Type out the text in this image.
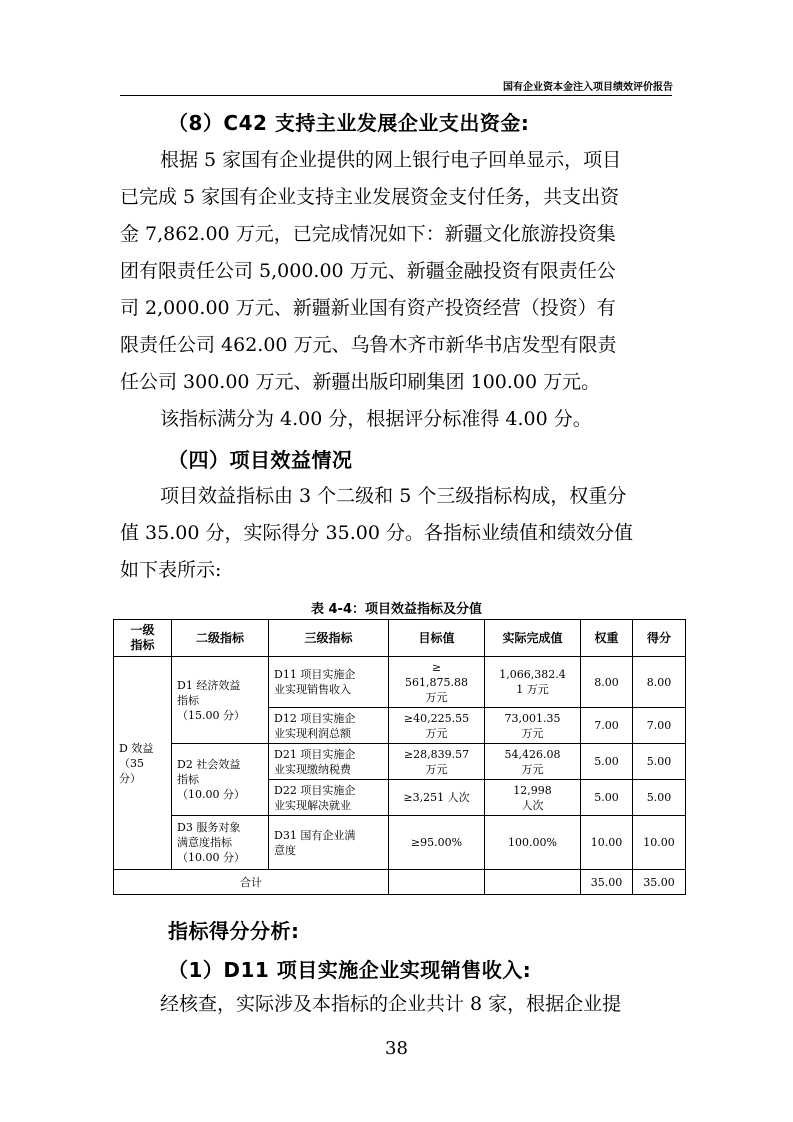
国有企业资本金注入项目绩效评价报告
（8）C42 支持主业发展企业支出资金:
根据 5 家国有企业提供的网上银行电子回单显示，项目
已完成 5 家国有企业支持主业发展资金支付任务，共支出资
金 7,862.00 万元，已完成情况如下：新疆文化旅游投资集
团有限责任公司 5,000.00 万元、新疆金融投资有限责任公
司 2,000.00 万元、新疆新业国有资产投资经营（投资）有
限责任公司 462.00 万元、乌鲁木齐市新华书店发型有限责
任公司 300.00 万元、新疆出版印刷集团 100.00 万元。
该指标满分为 4.00 分，根据评分标准得 4.00 分。
（四）项目效益情况
项目效益指标由 3 个二级和 5 个三级指标构成，权重分
值 35.00 分，实际得分 35.00 分。各指标业绩值和绩效分值
如下表所示:
表 4-4：项目效益指标及分值
一级
指标	二级指标	三级指标	目标值	实际完成值	权重	得分
D 效益
（35
分）	D1 经济效益
指标
（15.00 分）	D11 项目实施企
业实现销售收入	≥
561,875.88
万元	1,066,382.4
1 万元	8.00	8.00
		D12 项目实施企
业实现利润总额	≥40,225.55
万元	73,001.35
万元	7.00	7.00
	D2 社会效益
指标
（10.00 分）	D21 项目实施企
业实现缴纳税费	≥28,839.57
万元	54,426.08
万元	5.00	5.00
		D22 项目实施企
业实现解决就业	≥3,251 人次	12,998
人次	5.00	5.00
	D3 服务对象
满意度指标
（10.00 分）	D31 国有企业满
意度	≥95.00%	100.00%	10.00	10.00
合计					35.00	35.00
指标得分分析:
（1）D11 项目实施企业实现销售收入:
经核查，实际涉及本指标的企业共计 8 家，根据企业提
38
